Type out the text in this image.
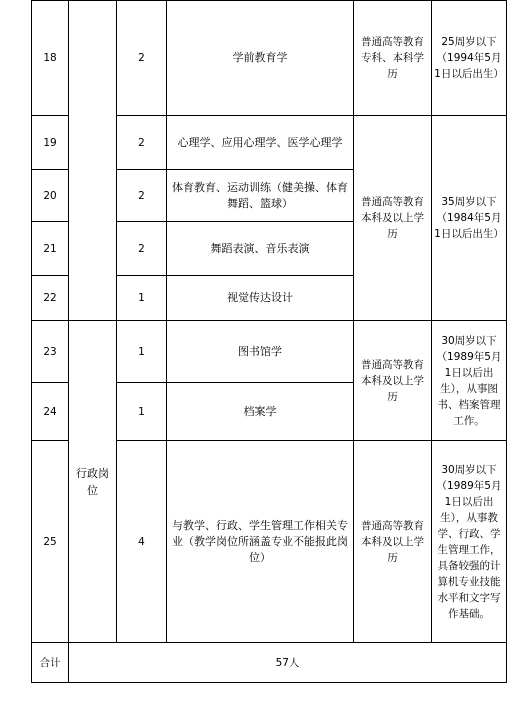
18		2	学前教育学	普通高等教育专科、本科学历	25周岁以下（1994年5月1日以后出生）
19		2	心理学、应用心理学、医学心理学	普通高等教育本科及以上学历	35周岁以下（1984年5月1日以后出生）
20		2	体育教育、运动训练（健美操、体育舞蹈、篮球）		
21		2	舞蹈表演、音乐表演		
22		1	视觉传达设计		
23	行政岗位	1	图书馆学	普通高等教育本科及以上学历	30周岁以下（1989年5月1日以后出生），从事图书、档案管理工作。
24		1	档案学		
25		4	与教学、行政、学生管理工作相关专业（教学岗位所涵盖专业不能报此岗位）	普通高等教育本科及以上学历	30周岁以下（1989年5月1日以后出生），从事教学、行政、学生管理工作，具备较强的计算机专业技能水平和文字写作基础。
合计	57人				
